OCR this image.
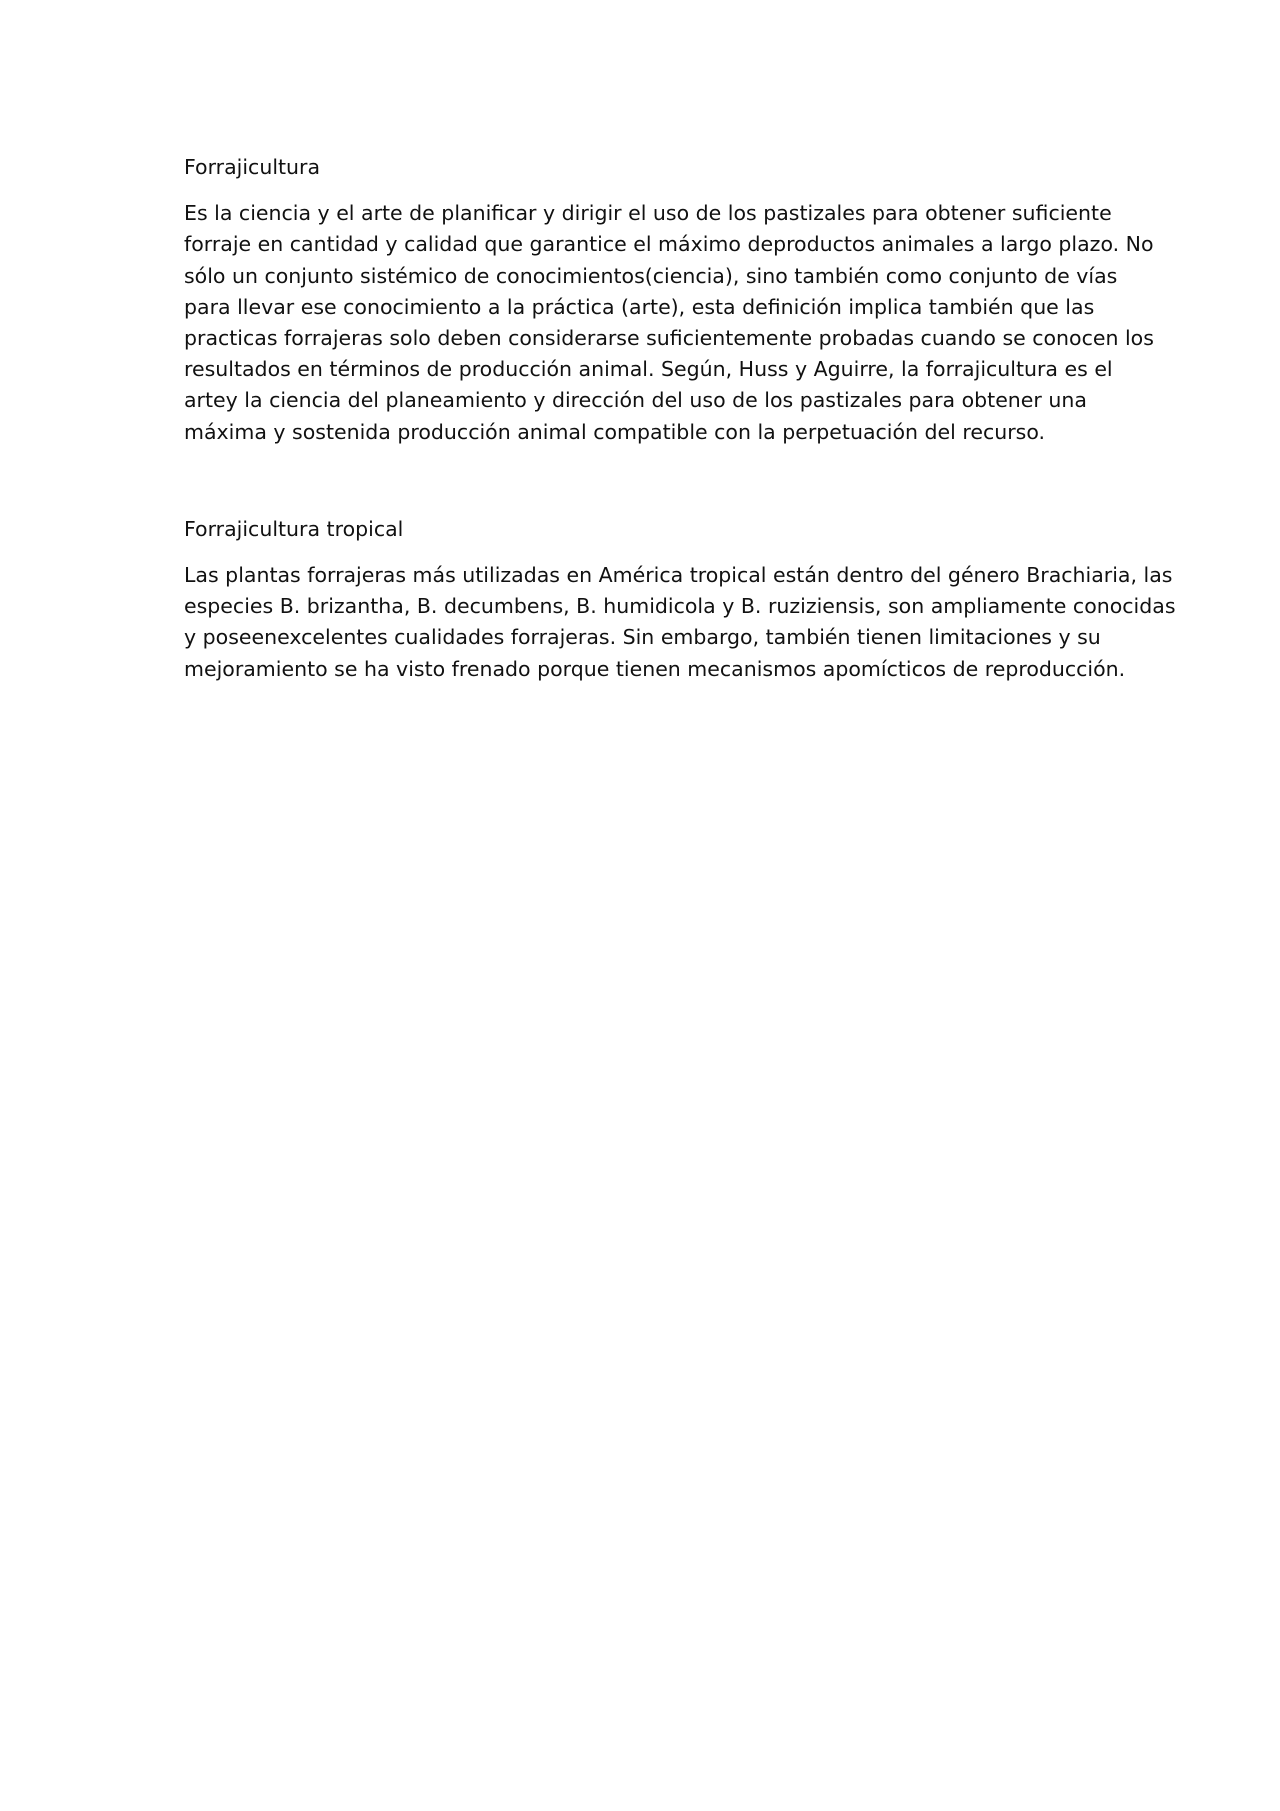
Forrajicultura

Es la ciencia y el arte de planificar y dirigir el uso de los pastizales para obtener suficiente
forraje en cantidad y calidad que garantice el máximo deproductos animales a largo plazo. No
sólo un conjunto sistémico de conocimientos(ciencia), sino también como conjunto de vías
para llevar ese conocimiento a la práctica (arte), esta definición implica también que las
practicas forrajeras solo deben considerarse suficientemente probadas cuando se conocen los
resultados en términos de producción animal. Según, Huss y Aguirre, la forrajicultura es el
artey la ciencia del planeamiento y dirección del uso de los pastizales para obtener una
máxima y sostenida producción animal compatible con la perpetuación del recurso.

Forrajicultura tropical

Las plantas forrajeras más utilizadas en América tropical están dentro del género Brachiaria, las
especies B. brizantha, B. decumbens, B. humidicola y B. ruziziensis, son ampliamente conocidas
y poseenexcelentes cualidades forrajeras. Sin embargo, también tienen limitaciones y su
mejoramiento se ha visto frenado porque tienen mecanismos apomícticos de reproducción.
